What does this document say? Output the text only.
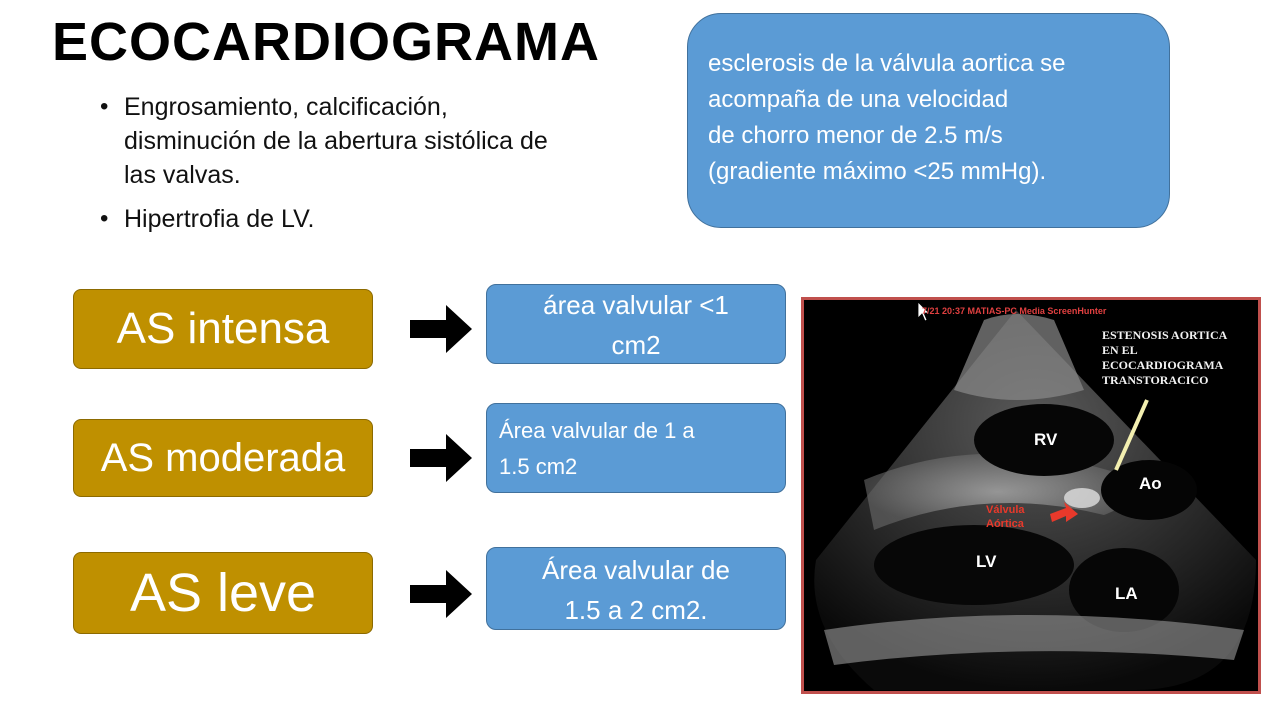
ECOCARDIOGRAMA
• Engrosamiento, calcificación, disminución de la abertura sistólica de las valvas.
• Hipertrofia de LV.
esclerosis de la válvula aortica se
acompaña de una velocidad
de chorro menor de 2.5 m/s
(gradiente máximo <25 mmHg).
AS intensa	área valvular <1
cm2
AS moderada
Área valvular de 1 a
1.5 cm2
AS leve	Área valvular de
1.5 a 2 cm2.
7/21 20:37 MATIAS-PC Media ScreenHunter
ESTENOSIS AORTICA
EN EL
ECOCARDIOGRAMA
TRANSTORACICO
RV
Ao
LV
LA
Válvula
Aórtica
